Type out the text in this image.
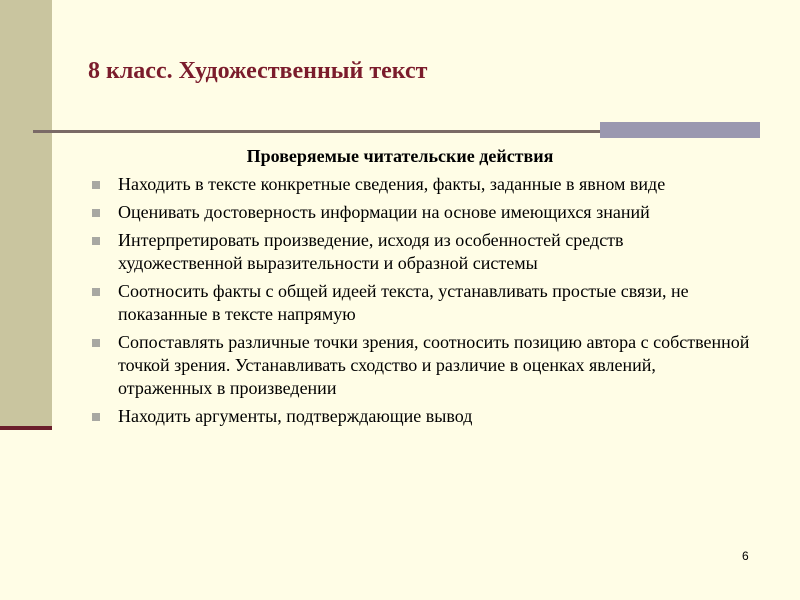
8 класс. Художественный текст
Проверяемые читательские действия
Находить в тексте конкретные сведения, факты, заданные в явном виде
Оценивать достоверность информации на основе имеющихся знаний
Интерпретировать произведение, исходя из особенностей средств художественной выразительности и образной системы
Соотносить факты с общей идеей текста, устанавливать простые связи, не показанные в тексте напрямую
Сопоставлять различные точки зрения, соотносить позицию автора с собственной точкой зрения. Устанавливать сходство и различие в оценках явлений, отраженных в произведении
Находить аргументы, подтверждающие вывод
6
